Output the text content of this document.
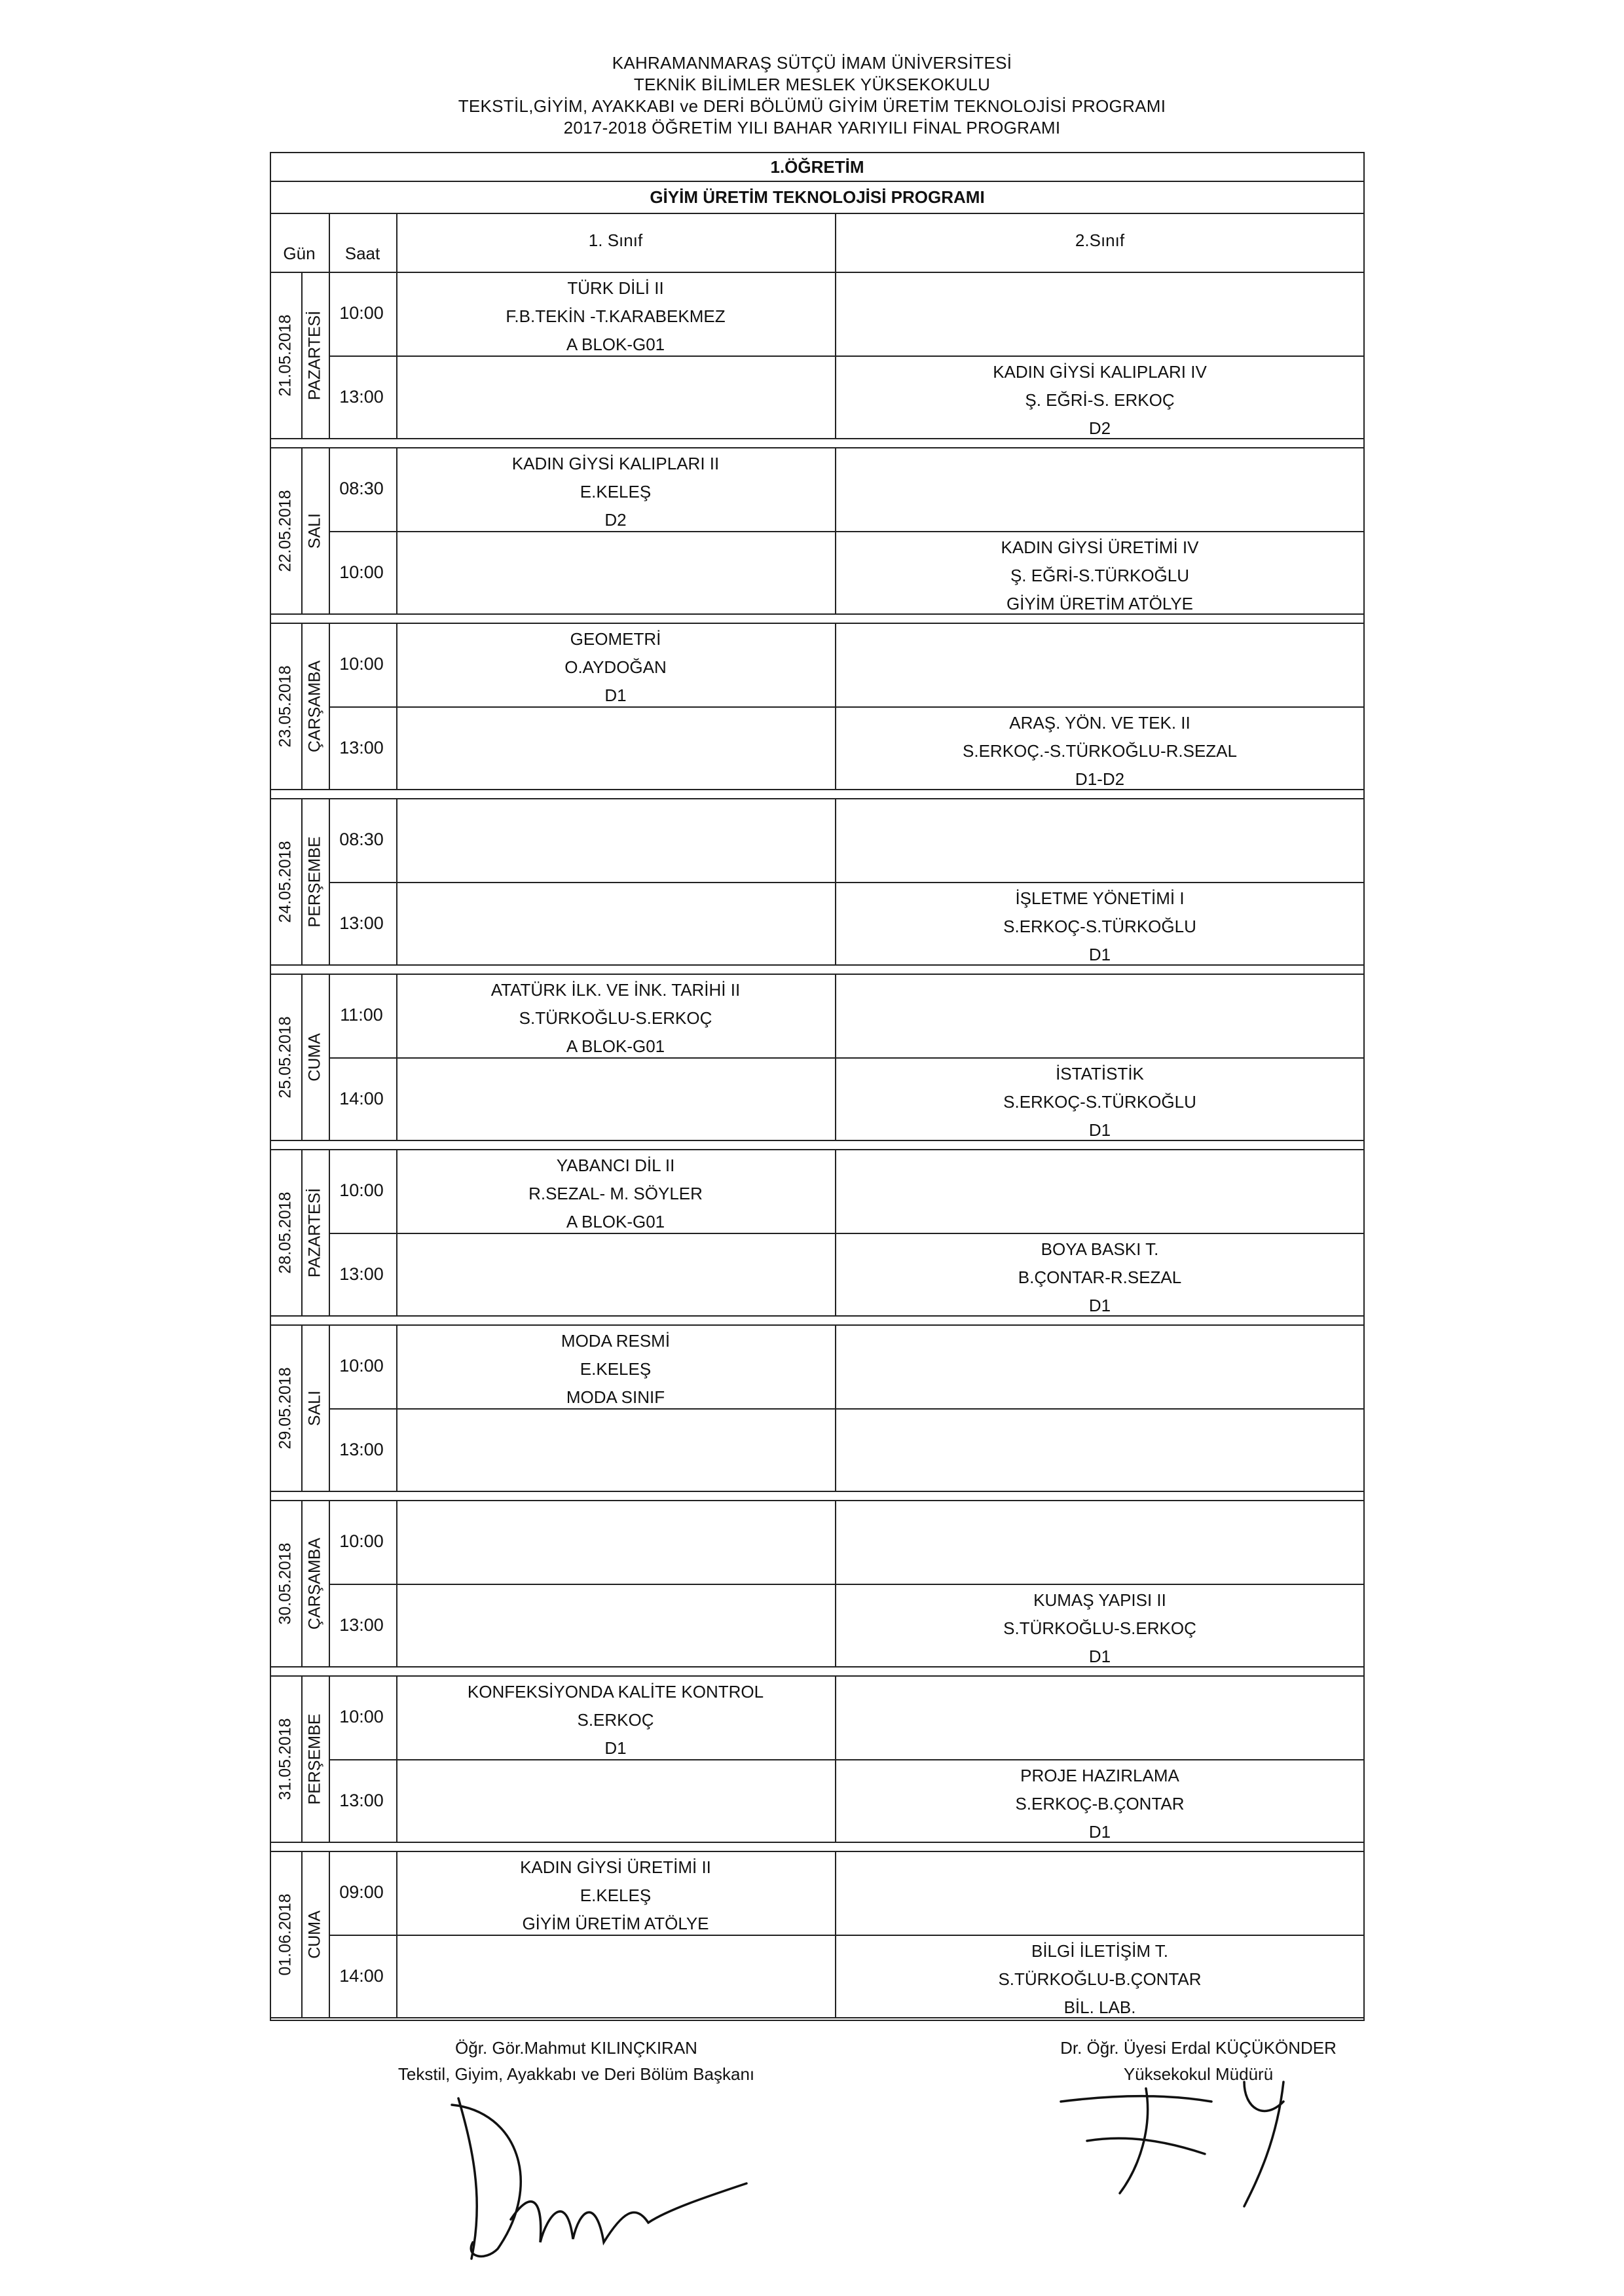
KAHRAMANMARAŞ SÜTÇÜ İMAM ÜNİVERSİTESİ
TEKNİK BİLİMLER MESLEK YÜKSEKOKULU
TEKSTİL,GİYİM, AYAKKABI ve DERİ BÖLÜMÜ GİYİM ÜRETİM TEKNOLOJİSİ PROGRAMI
2017-2018 ÖĞRETİM YILI BAHAR YARIYILI FİNAL PROGRAMI
1.ÖĞRETİM
GİYİM ÜRETİM TEKNOLOJİSİ PROGRAMI
Gün	Saat
1. Sınıf	2.Sınıf
21.05.2018 PAZARTESİ 10:00
TÜRK DİLİ II
F.B.TEKİN -T.KARABEKMEZ
A BLOK-G01
13:00
KADIN GİYSİ KALIPLARI IV
Ş. EĞRİ-S. ERKOÇ
D2
22.05.2018 SALI
08:30
KADIN GİYSİ KALIPLARI II
E.KELEŞ
D2
10:00
KADIN GİYSİ ÜRETİMİ IV
Ş. EĞRİ-S.TÜRKOĞLU
GİYİM ÜRETİM ATÖLYE
23.05.2018 ÇARŞAMBA 10:00
GEOMETRİ
O.AYDOĞAN
D1
13:00
ARAŞ. YÖN. VE TEK. II
S.ERKOÇ.-S.TÜRKOĞLU-R.SEZAL
D1-D2
24.05.2018 PERŞEMBE 08:30
13:00
İŞLETME YÖNETİMİ I
S.ERKOÇ-S.TÜRKOĞLU
D1
25.05.2018 CUMA
11:00
ATATÜRK İLK. VE İNK. TARİHİ II
S.TÜRKOĞLU-S.ERKOÇ
A BLOK-G01
14:00
İSTATİSTİK
S.ERKOÇ-S.TÜRKOĞLU
D1
28.05.2018 PAZARTESİ 10:00
YABANCI DİL II
R.SEZAL- M. SÖYLER
A BLOK-G01
13:00
BOYA BASKI T.
B.ÇONTAR-R.SEZAL
D1
29.05.2018 SALI
10:00
MODA RESMİ
E.KELEŞ
MODA SINIF
13:00
30.05.2018 ÇARŞAMBA 10:00
13:00
KUMAŞ YAPISI II
S.TÜRKOĞLU-S.ERKOÇ
D1
31.05.2018 PERŞEMBE 10:00
KONFEKSİYONDA KALİTE KONTROL
S.ERKOÇ
D1
13:00
PROJE HAZIRLAMA
S.ERKOÇ-B.ÇONTAR
D1
01.06.2018 CUMA
09:00
KADIN GİYSİ ÜRETİMİ II
E.KELEŞ
GİYİM ÜRETİM ATÖLYE
14:00
BİLGİ İLETİŞİM T.
S.TÜRKOĞLU-B.ÇONTAR
BİL. LAB.
Öğr. Gör.Mahmut KILINÇKIRAN
Tekstil, Giyim, Ayakkabı ve Deri Bölüm Başkanı
Dr. Öğr. Üyesi Erdal KÜÇÜKÖNDER
Yüksekokul Müdürü
